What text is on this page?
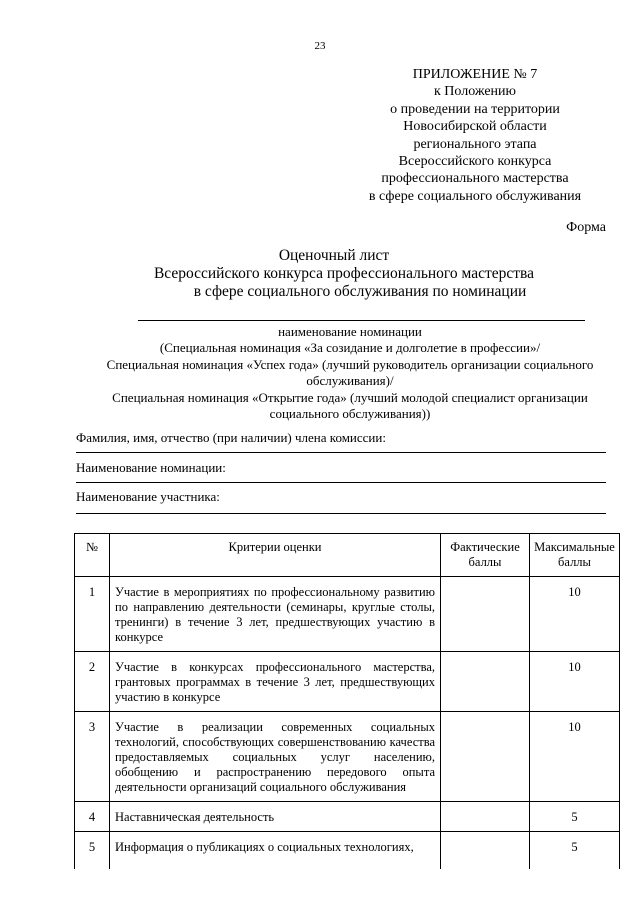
23
ПРИЛОЖЕНИЕ № 7
к Положению
о проведении на территории
Новосибирской области
регионального этапа
Всероссийского конкурса
профессионального мастерства
в сфере социального обслуживания
Форма
Оценочный лист
Всероссийского конкурса профессионального мастерства
в сфере социального обслуживания по номинации
наименование номинации
(Специальная номинация «За созидание и долголетие в профессии»/
Специальная номинация «Успех года» (лучший руководитель организации социального
обслуживания)/
Специальная номинация «Открытие года» (лучший молодой специалист организации
социального обслуживания))
Фамилия, имя, отчество (при наличии) члена комиссии:
Наименование номинации:
Наименование участника:
№	Критерии оценки	Фактические баллы	Максимальные баллы
1	Участие в мероприятиях по профессиональному развитию по направлению деятельности (семинары, круглые столы, тренинги) в течение 3 лет, предшествующих участию в конкурсе		10
2	Участие в конкурсах профессионального мастерства, грантовых программах в течение 3 лет, предшествующих участию в конкурсе		10
3	Участие в реализации современных социальных технологий, способствующих совершенствованию качества предоставляемых социальных услуг населению, обобщению и распространению передового опыта деятельности организаций социального обслуживания		10
4	Наставническая деятельность		5
5	Информация о публикациях о социальных технологиях,		5
